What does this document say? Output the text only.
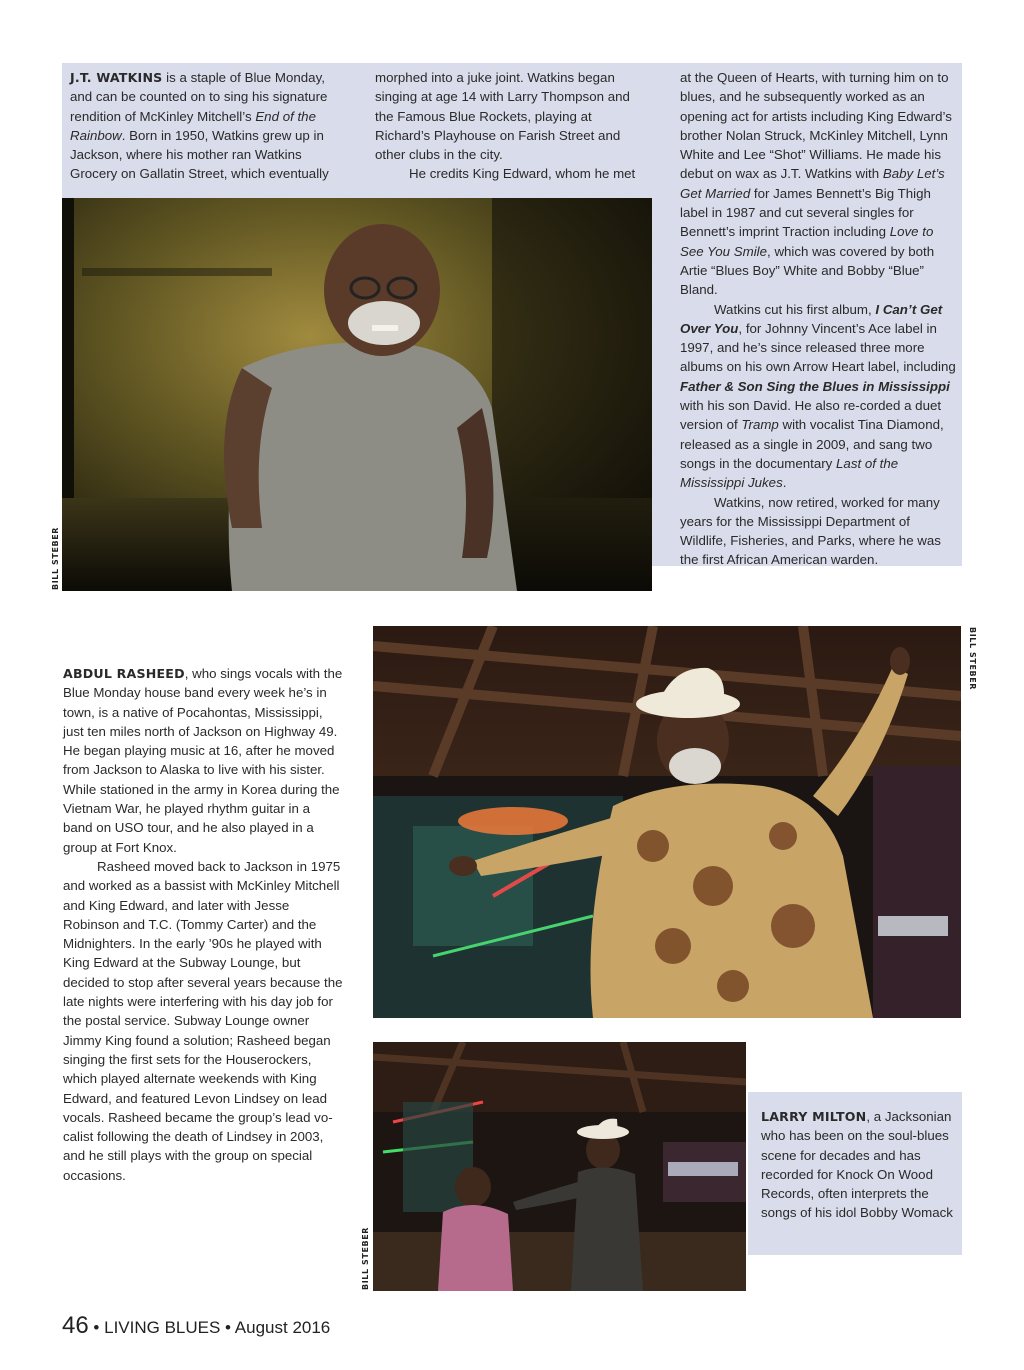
J.T. WATKINS is a staple of Blue Monday, and can be counted on to sing his signature rendition of McKinley Mitchell’s End of the Rainbow. Born in 1950, Watkins grew up in Jackson, where his mother ran Watkins Grocery on Gallatin Street, which eventually

morphed into a juke joint. Watkins began singing at age 14 with Larry Thompson and the Famous Blue Rockets, playing at Richard’s Playhouse on Farish Street and other clubs in the city.

He credits King Edward, whom he met

at the Queen of Hearts, with turning him on to blues, and he subsequently worked as an opening act for artists including King Edward’s brother Nolan Struck, McKinley Mitchell, Lynn White and Lee “Shot” Williams. He made his debut on wax as J.T. Watkins with Baby Let’s Get Married for James Bennett’s Big Thigh label in 1987 and cut several singles for Bennett’s imprint Traction including Love to See You Smile, which was covered by both Artie “Blues Boy” White and Bobby “Blue” Bland.

Watkins cut his first album, I Can’t Get Over You, for Johnny Vincent’s Ace label in 1997, and he’s since released three more albums on his own Arrow Heart label, including Father & Son Sing the Blues in Mississippi with his son David. He also re-corded a duet version of Tramp with vocalist Tina Diamond, released as a single in 2009, and sang two songs in the documentary Last of the Mississippi Jukes.

Watkins, now retired, worked for many years for the Mississippi Department of Wildlife, Fisheries, and Parks, where he was the first African American warden.

BILL STEBER
BILL STEBER

ABDUL RASHEED, who sings vocals with the Blue Monday house band every week he’s in town, is a native of Pocahontas, Mississippi, just ten miles north of Jackson on Highway 49. He began playing music at 16, after he moved from Jackson to Alaska to live with his sister. While stationed in the army in Korea during the Vietnam War, he played rhythm guitar in a band on USO tour, and he also played in a group at Fort Knox.

Rasheed moved back to Jackson in 1975 and worked as a bassist with McKinley Mitchell and King Edward, and later with Jesse Robinson and T.C. (Tommy Carter) and the Midnighters. In the early ’90s he played with King Edward at the Subway Lounge, but decided to stop after several years because the late nights were interfering with his day job for the postal service. Subway Lounge owner Jimmy King found a solution; Rasheed began singing the first sets for the Houserockers, which played alternate weekends with King Edward, and featured Levon Lindsey on lead vocals. Rasheed became the group’s lead vo-calist following the death of Lindsey in 2003, and he still plays with the group on special occasions.

BILL STEBER

LARRY MILTON, a Jacksonian who has been on the soul-blues scene for decades and has recorded for Knock On Wood Records, often interprets the songs of his idol Bobby Womack

46 • LIVING BLUES • August 2016
